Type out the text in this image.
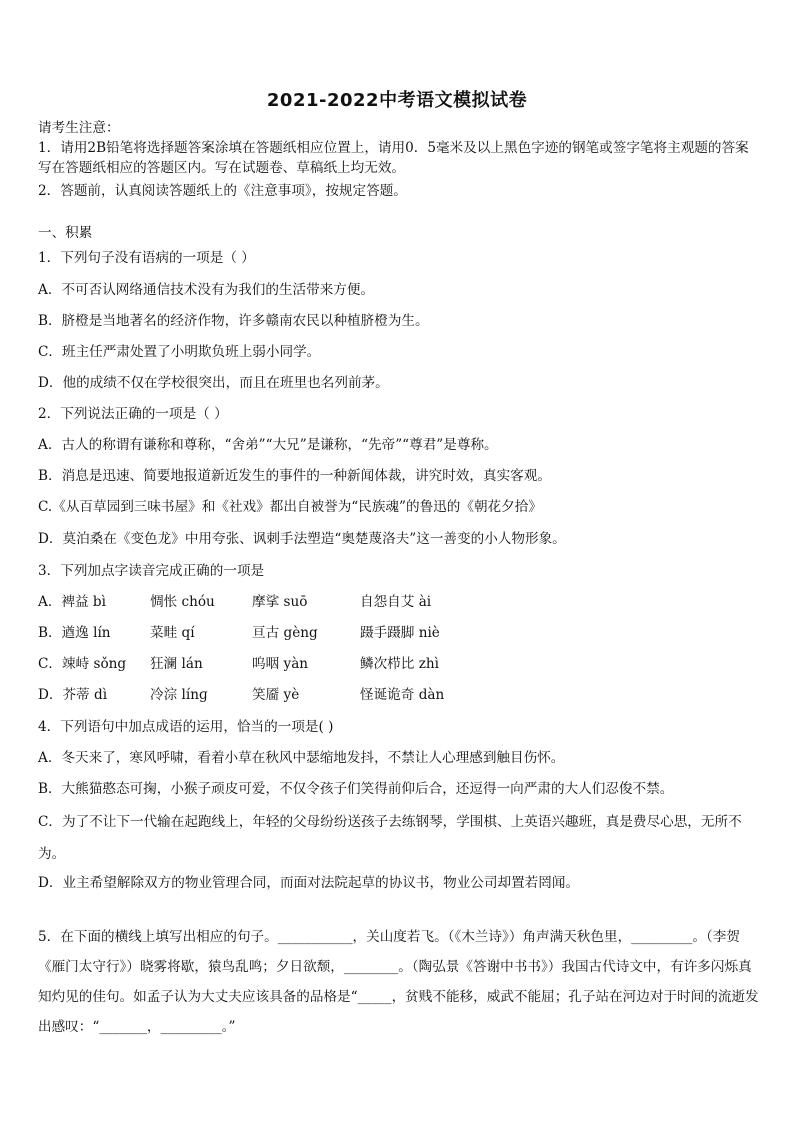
2021-2022中考语文模拟试卷
请考生注意：
1．请用2B铅笔将选择题答案涂填在答题纸相应位置上，请用0．5毫米及以上黑色字迹的钢笔或签字笔将主观题的答案写在答题纸相应的答题区内。写在试题卷、草稿纸上均无效。
2．答题前，认真阅读答题纸上的《注意事项》，按规定答题。
一、积累
1．下列句子没有语病的一项是（ ）
A．不可否认网络通信技术没有为我们的生活带来方便。
B．脐橙是当地著名的经济作物，许多赣南农民以种植脐橙为生。
C．班主任严肃处置了小明欺负班上弱小同学。
D．他的成绩不仅在学校很突出，而且在班里也名列前茅。
2．下列说法正确的一项是（ ）
A．古人的称谓有谦称和尊称，“舍弟”“大兄”是谦称，“先帝”“尊君”是尊称。
B．消息是迅速、简要地报道新近发生的事件的一种新闻体裁，讲究时效，真实客观。
C.《从百草园到三味书屋》和《社戏》都出自被誉为“民族魂”的鲁迅的《朝花夕拾》
D．莫泊桑在《变色龙》中用夸张、讽刺手法塑造“奥楚蔑洛夫”这一善变的小人物形象。
3．下列加点字读音完成正确的一项是
A．裨益 bì	惆怅 chóu	摩挲 suō	自怨自艾 ài
B．遒逸 lín	菜畦 qí	亘古 gèng	蹑手蹑脚 niè
C．竦峙 sǒng 狂澜 lán	呜咽 yàn	鳞次栉比 zhì
D．芥蒂 dì	冷淙 línɡ	笑靥 yè	怪诞诡奇 dàn
4．下列语句中加点成语的运用，恰当的一项是( )
A．冬天来了，寒风呼啸，看着小草在秋风中瑟缩地发抖，不禁让人心理感到触目伤怀。
B．大熊猫憨态可掬，小猴子顽皮可爱，不仅令孩子们笑得前仰后合，还逗得一向严肃的大人们忍俊不禁。
C．为了不让下一代输在起跑线上，年轻的父母纷纷送孩子去练钢琴，学围棋、上英语兴趣班，真是费尽心思，无所不为。
D．业主希望解除双方的物业管理合同，而面对法院起草的协议书，物业公司却置若罔闻。
5．在下面的横线上填写出相应的句子。___________，关山度若飞。（《木兰诗》）角声满天秋色里，_________。（李贺《雁门太守行》）晓雾将歇，猿鸟乱鸣；夕日欲颓，________。（陶弘景《答谢中书书》）我国古代诗文中，有许多闪烁真知灼见的佳句。如孟子认为大丈夫应该具备的品格是“_____，贫贱不能移，威武不能屈；孔子站在河边对于时间的流逝发出感叹：“_______，_________。”
